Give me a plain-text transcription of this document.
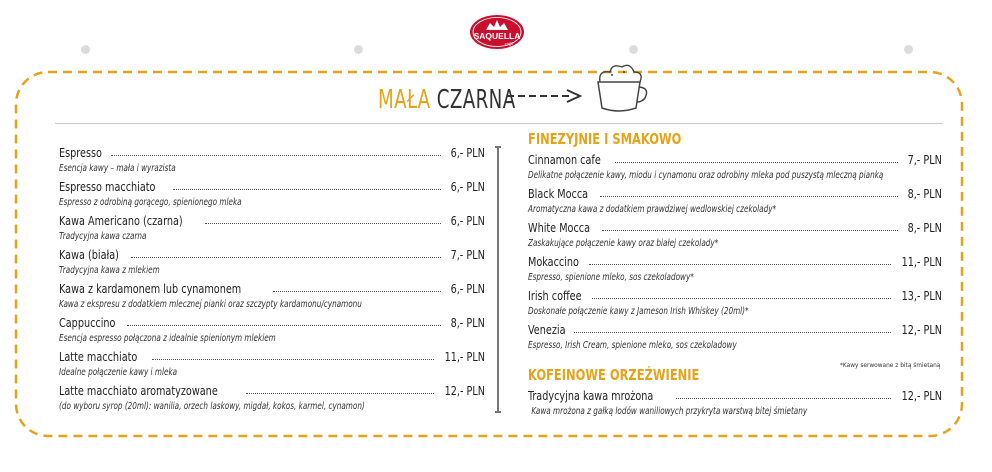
SAQUELLA
caffè
MAŁA CZARNA
Espresso	6,- PLN
Esencja kawy – mała i wyrazista
Espresso macchiato	6,- PLN
Espresso z odrobiną gorącego, spienionego mleka
Kawa Americano (czarna)	6,- PLN
Tradycyjna kawa czarna
Kawa (biała)	7,- PLN
Tradycyjna kawa z mlekiem
Kawa z kardamonem lub cynamonem	6,- PLN
Kawa z ekspresu z dodatkiem mlecznej pianki oraz szczypty kardamonu/cynamonu
Cappuccino	8,- PLN
Esencja espresso połączona z idealnie spienionym mlekiem
Latte macchiato	11,- PLN
Idealne połączenie kawy i mleka
Latte macchiato aromatyzowane	12,- PLN
(do wyboru syrop (20ml): wanilia, orzech laskowy, migdał, kokos, karmel, cynamon)
FINEZYJNIE I SMAKOWO
Cinnamon cafe	7,- PLN
Delikatne połączenie kawy, miodu i cynamonu oraz odrobiny mleka pod puszystą mleczną pianką
Black Mocca	8,- PLN
Aromatyczna kawa z dodatkiem prawdziwej wedlowskiej czekolady*
White Mocca	8,- PLN
Zaskakujące połączenie kawy oraz białej czekolady*
Mokaccino	11,- PLN
Espresso, spienione mleko, sos czekoladowy*
Irish coffee	13,- PLN
Doskonałe połączenie kawy z Jameson Irish Whiskey (20ml)*
Venezia	12,- PLN
Espresso, Irish Cream, spienione mleko, sos czekoladowy
*Kawy serwowane z bitą śmietaną
KOFEINOWE ORZEŹWIENIE
Tradycyjna kawa mrożona	12,- PLN
Kawa mrożona z gałką lodów waniliowych przykryta warstwą bitej śmietany
